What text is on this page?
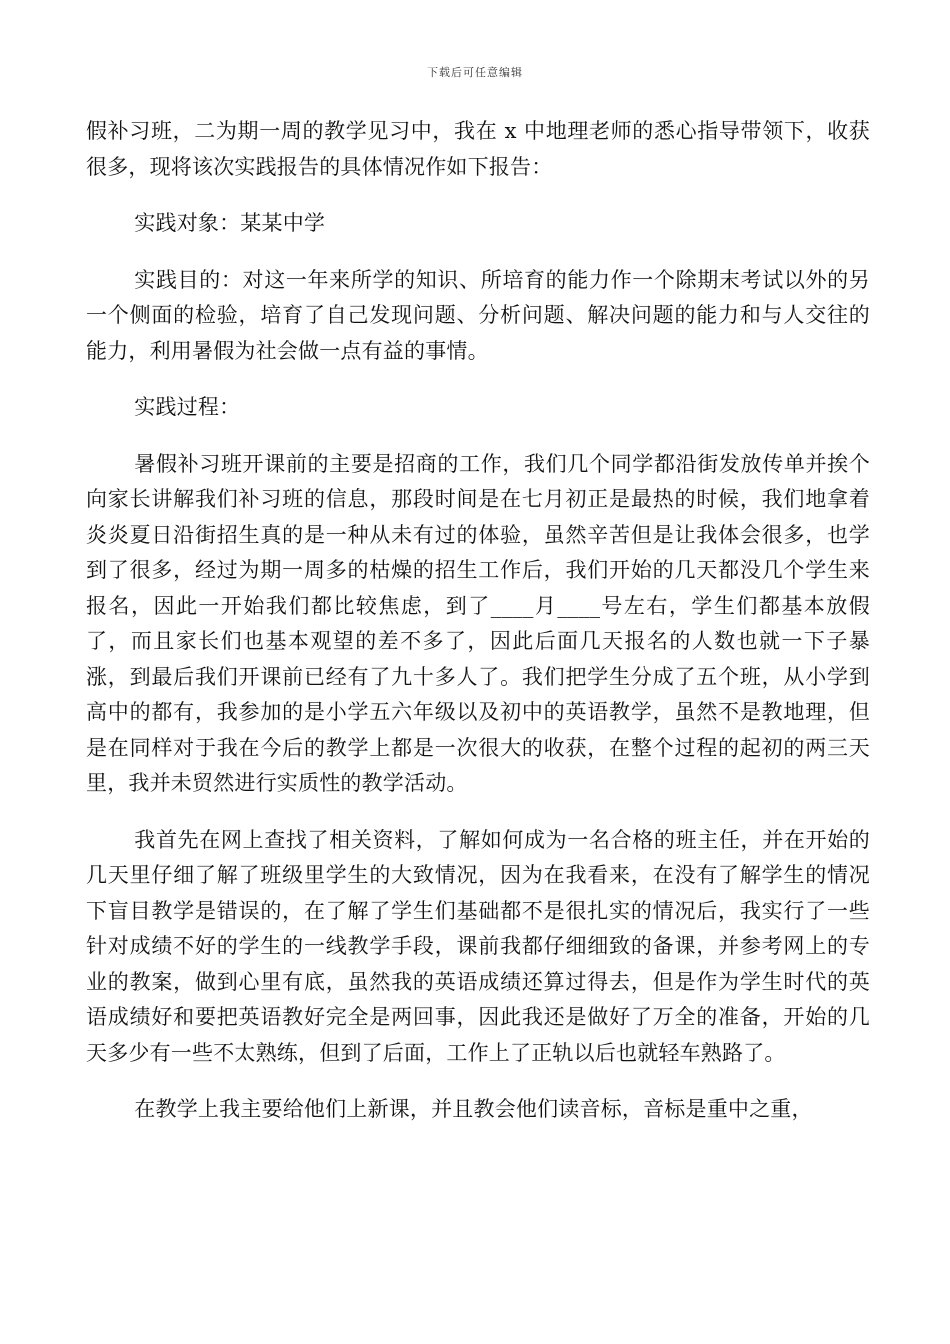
下载后可任意编辑

假补习班，二为期一周的教学见习中，我在 x 中地理老师的悉心指导带领下，收获很多，现将该次实践报告的具体情况作如下报告：

实践对象：某某中学

实践目的：对这一年来所学的知识、所培育的能力作一个除期末考试以外的另一个侧面的检验，培育了自己发现问题、分析问题、解决问题的能力和与人交往的能力，利用暑假为社会做一点有益的事情。

实践过程：

暑假补习班开课前的主要是招商的工作，我们几个同学都沿街发放传单并挨个向家长讲解我们补习班的信息，那段时间是在七月初正是最热的时候，我们地拿着炎炎夏日沿街招生真的是一种从未有过的体验，虽然辛苦但是让我体会很多，也学到了很多，经过为期一周多的枯燥的招生工作后，我们开始的几天都没几个学生来报名，因此一开始我们都比较焦虑，到了____月____号左右，学生们都基本放假了，而且家长们也基本观望的差不多了，因此后面几天报名的人数也就一下子暴涨，到最后我们开课前已经有了九十多人了。我们把学生分成了五个班，从小学到高中的都有，我参加的是小学五六年级以及初中的英语教学，虽然不是教地理，但是在同样对于我在今后的教学上都是一次很大的收获，在整个过程的起初的两三天里，我并未贸然进行实质性的教学活动。

我首先在网上查找了相关资料，了解如何成为一名合格的班主任，并在开始的几天里仔细了解了班级里学生的大致情况，因为在我看来，在没有了解学生的情况下盲目教学是错误的，在了解了学生们基础都不是很扎实的情况后，我实行了一些针对成绩不好的学生的一线教学手段，课前我都仔细细致的备课，并参考网上的专业的教案，做到心里有底，虽然我的英语成绩还算过得去，但是作为学生时代的英语成绩好和要把英语教好完全是两回事，因此我还是做好了万全的准备，开始的几天多少有一些不太熟练，但到了后面，工作上了正轨以后也就轻车熟路了。

在教学上我主要给他们上新课，并且教会他们读音标，音标是重中之重，
